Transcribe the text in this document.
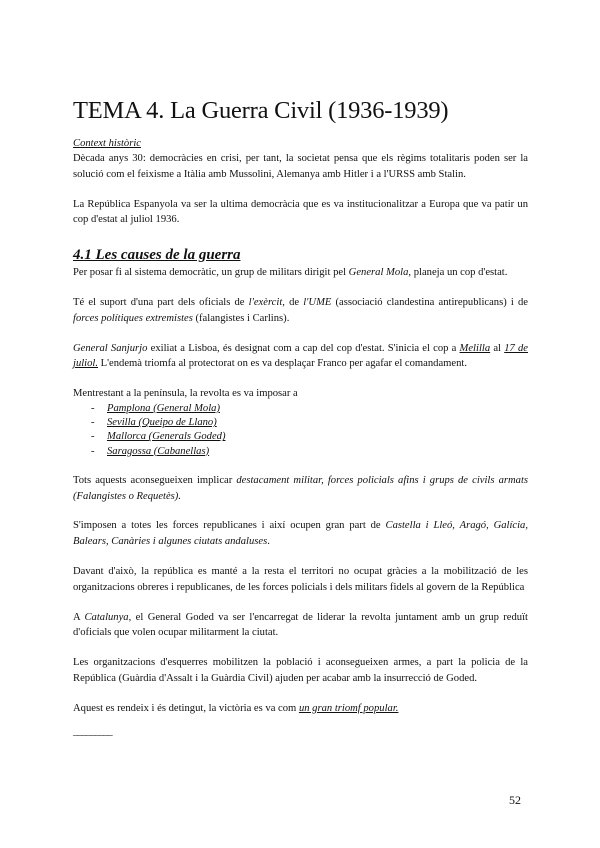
TEMA 4. La Guerra Civil (1936-1939)
Context històric

Dècada anys 30: democràcies en crisi, per tant, la societat pensa que els règims totalitaris poden ser la solució com el feixisme a Itàlia amb Mussolini, Alemanya amb Hitler i a l'URSS amb Stalin.

La República Espanyola va ser la ultima democràcia que es va institucionalitzar a Europa que va patir un cop d'estat al juliol 1936.

4.1 Les causes de la guerra

Per posar fi al sistema democràtic, un grup de militars dirigit pel General Mola, planeja un cop d'estat.

Té el suport d'una part dels oficials de l'exèrcit, de l'UME (associació clandestina antirepublicans) i de forces polítiques extremistes (falangistes i Carlins).

General Sanjurjo exiliat a Lisboa, és designat com a cap del cop d'estat. S'inicia el cop a Melilla al 17 de juliol. L'endemà triomfa al protectorat on es va desplaçar Franco per agafar el comandament.

Mentrestant a la península, la revolta es va imposar a

- Pamplona (General Mola)
- Sevilla (Queipo de Llano)
- Mallorca (Generals Goded)
- Saragossa (Cabanellas)

Tots aquests aconsegueixen implicar destacament militar, forces policials afins i grups de civils armats (Falangistes o Requetès).

S'imposen a totes les forces republicanes i així ocupen gran part de Castella i Lleó, Aragó, Galícia, Balears, Canàries i algunes ciutats andaluses.

Davant d'això, la república es manté a la resta el territori no ocupat gràcies a la mobilització de les organitzacions obreres i republicanes, de les forces policials i dels militars fidels al govern de la República

A Catalunya, el General Goded va ser l'encarregat de liderar la revolta juntament amb un grup reduït d'oficials que volen ocupar militarment la ciutat.

Les organitzacions d'esquerres mobilitzen la població i aconsegueixen armes, a part la policia de la República (Guàrdia d'Assalt i la Guàrdia Civil) ajuden per acabar amb la insurrecció de Goded.

Aquest es rendeix i és detingut, la victòria es va com un gran triomf popular.

_________
52
